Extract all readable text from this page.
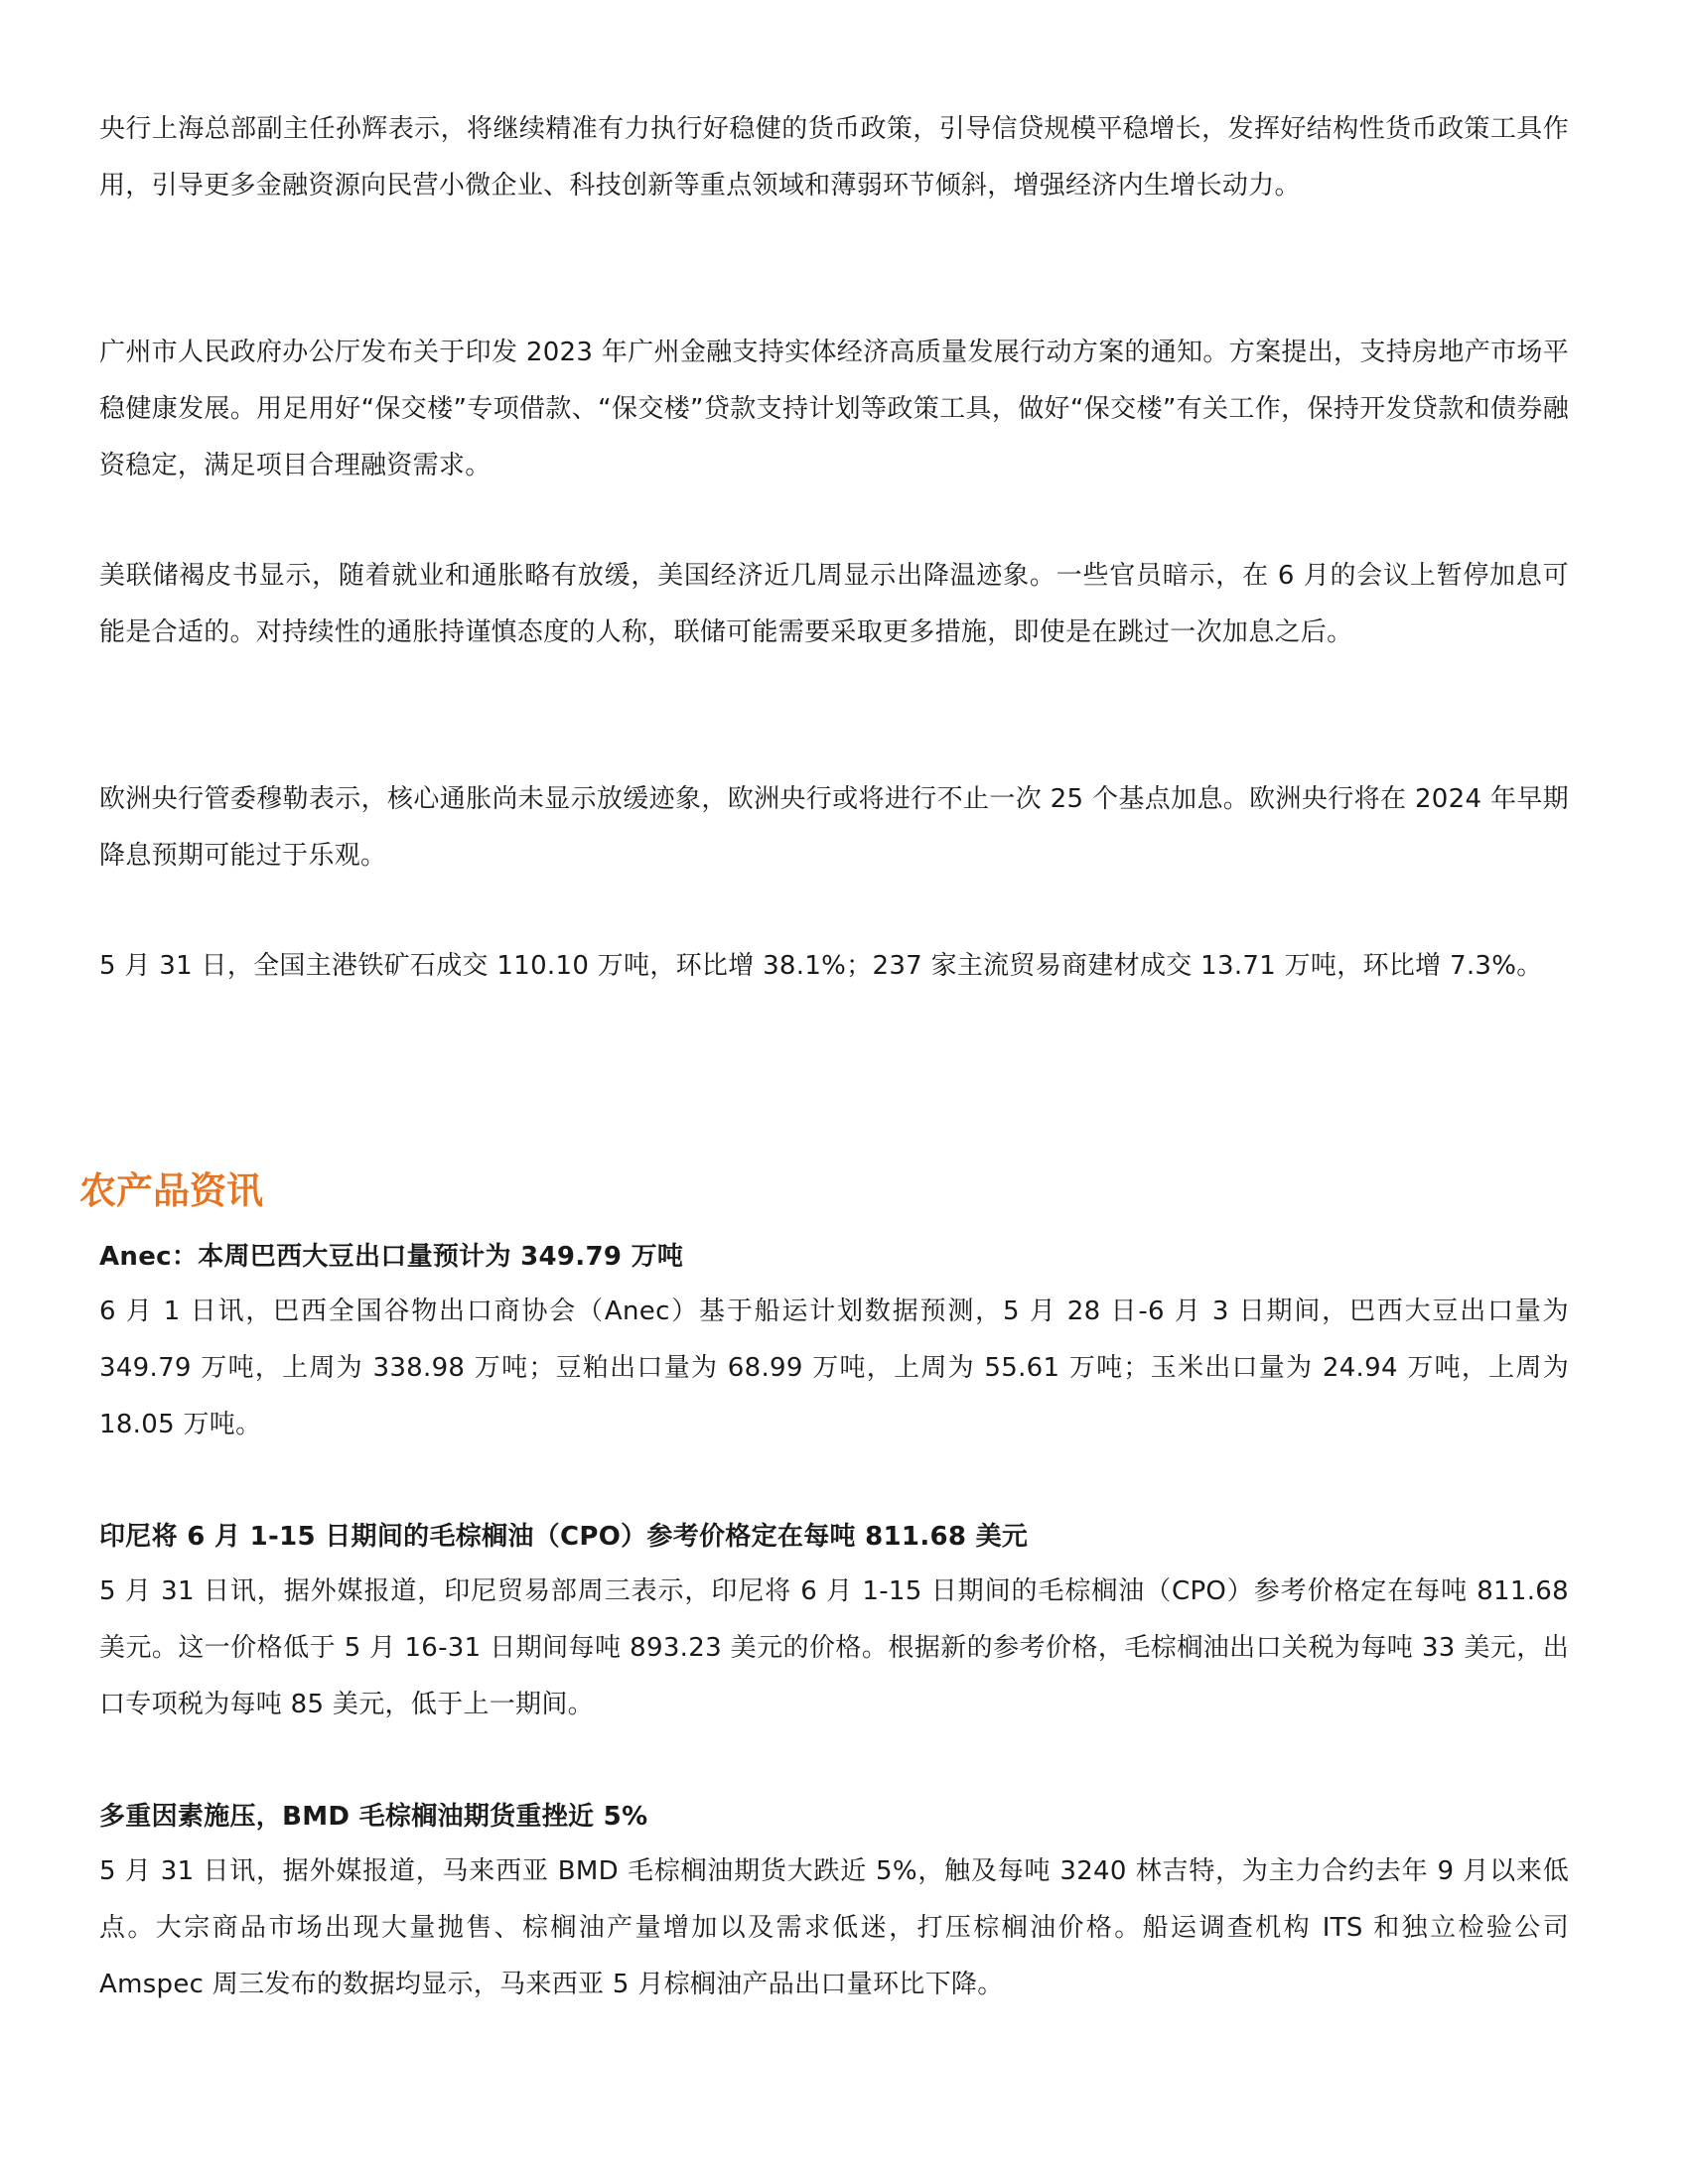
央行上海总部副主任孙辉表示，将继续精准有力执行好稳健的货币政策，引导信贷规模平稳增长，发挥好结构性货币政策工具作用，引导更多金融资源向民营小微企业、科技创新等重点领域和薄弱环节倾斜，增强经济内生增长动力。

广州市人民政府办公厅发布关于印发 2023 年广州金融支持实体经济高质量发展行动方案的通知。方案提出，支持房地产市场平稳健康发展。用足用好“保交楼”专项借款、“保交楼”贷款支持计划等政策工具，做好“保交楼”有关工作，保持开发贷款和债券融资稳定，满足项目合理融资需求。

美联储褐皮书显示，随着就业和通胀略有放缓，美国经济近几周显示出降温迹象。一些官员暗示，在 6 月的会议上暂停加息可能是合适的。对持续性的通胀持谨慎态度的人称，联储可能需要采取更多措施，即使是在跳过一次加息之后。

欧洲央行管委穆勒表示，核心通胀尚未显示放缓迹象，欧洲央行或将进行不止一次 25 个基点加息。欧洲央行将在 2024 年早期降息预期可能过于乐观。

5 月 31 日，全国主港铁矿石成交 110.10 万吨，环比增 38.1%；237 家主流贸易商建材成交 13.71 万吨，环比增 7.3%。

农产品资讯
Anec：本周巴西大豆出口量预计为 349.79 万吨

6 月 1 日讯，巴西全国谷物出口商协会（Anec）基于船运计划数据预测，5 月 28 日-6 月 3 日期间，巴西大豆出口量为 349.79 万吨，上周为 338.98 万吨；豆粕出口量为 68.99 万吨，上周为 55.61 万吨；玉米出口量为 24.94 万吨，上周为 18.05 万吨。

印尼将 6 月 1-15 日期间的毛棕榈油（CPO）参考价格定在每吨 811.68 美元

5 月 31 日讯，据外媒报道，印尼贸易部周三表示，印尼将 6 月 1-15 日期间的毛棕榈油（CPO）参考价格定在每吨 811.68 美元。这一价格低于 5 月 16-31 日期间每吨 893.23 美元的价格。根据新的参考价格，毛棕榈油出口关税为每吨 33 美元，出口专项税为每吨 85 美元，低于上一期间。

多重因素施压，BMD 毛棕榈油期货重挫近 5%

5 月 31 日讯，据外媒报道，马来西亚 BMD 毛棕榈油期货大跌近 5%，触及每吨 3240 林吉特，为主力合约去年 9 月以来低点。大宗商品市场出现大量抛售、棕榈油产量增加以及需求低迷，打压棕榈油价格。船运调查机构 ITS 和独立检验公司 Amspec 周三发布的数据均显示，马来西亚 5 月棕榈油产品出口量环比下降。
